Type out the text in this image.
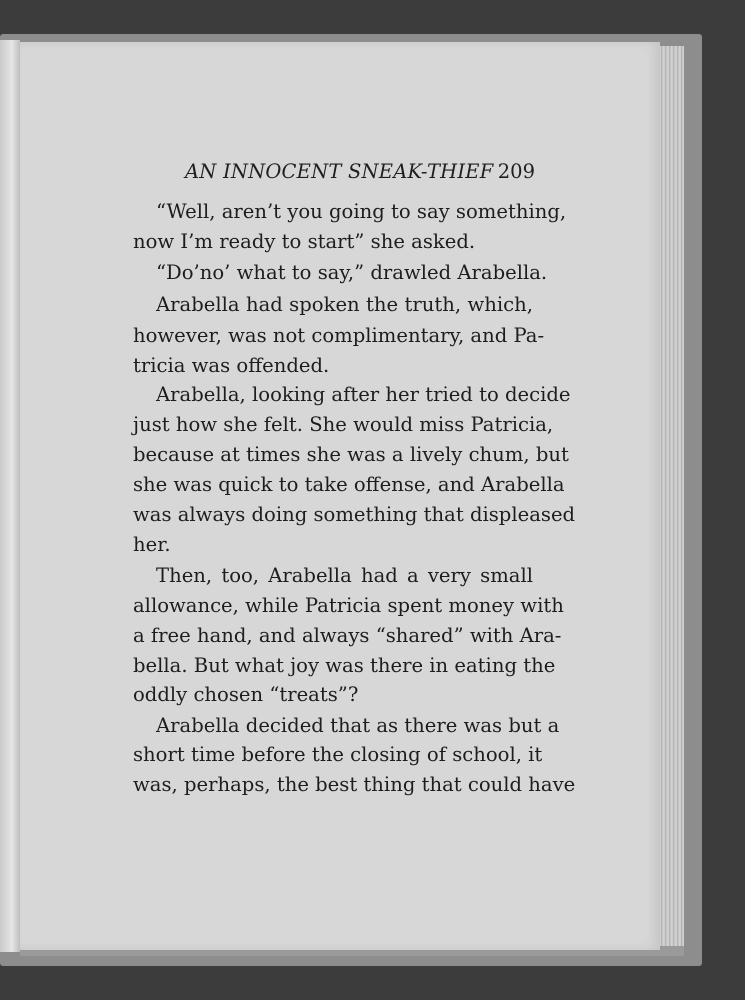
AN INNOCENT SNEAK-THIEF 209
“Well, aren’t you going to say something,
now I’m ready to start” she asked.
“Do’no’ what to say,” drawled Arabella.
Arabella had spoken the truth, which,
however, was not complimentary, and Pa-
tricia was offended.
Arabella, looking after her tried to decide
just how she felt. She would miss Patricia,
because at times she was a lively chum, but
she was quick to take offense, and Arabella
was always doing something that displeased
her.
Then, too, Arabella had a very small
allowance, while Patricia spent money with
a free hand, and always “shared” with Ara-
bella. But what joy was there in eating the
oddly chosen “treats”?
Arabella decided that as there was but a
short time before the closing of school, it
was, perhaps, the best thing that could have
